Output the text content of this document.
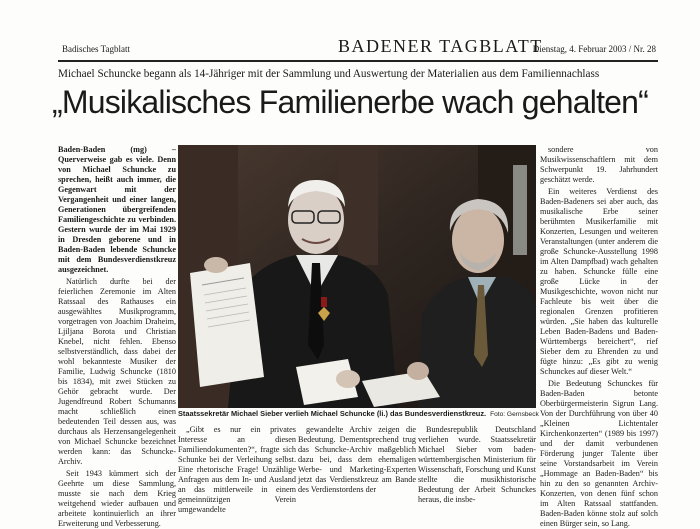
Badisches Tagblatt	BADENER TAGBLATT
Dienstag, 4. Februar 2003 / Nr. 28
Michael Schuncke begann als 14-Jähriger mit der Sammlung und Auswertung der Materialien aus dem Familiennachlass
„Musikalisches Familienerbe wach gehalten“

Baden-Baden (mg) – Querverweise gab es viele. Denn von Michael Schuncke zu sprechen, heißt auch immer, die Gegenwart mit der Vergangenheit und einer langen, Generationen übergreifenden Familiengeschichte zu verbinden. Gestern wurde der im Mai 1929 in Dresden geborene und in Baden-Baden lebende Schuncke mit dem Bundesverdienstkreuz ausgezeichnet.

Natürlich durfte bei der feierlichen Zeremonie im Alten Ratssaal des Rathauses ein ausgewähltes Musikprogramm, vorgetragen von Joachim Draheim, Ljiljana Borota und Christian Knebel, nicht fehlen. Ebenso selbstverständlich, dass dabei der wohl bekannteste Musiker der Familie, Ludwig Schuncke (1810 bis 1834), mit zwei Stücken zu Gehör gebracht wurde. Der Jugendfreund Robert Schumanns macht schließlich einen bedeutenden Teil dessen aus, was durchaus als Herzensangelegenheit von Michael Schuncke bezeichnet werden kann: das Schuncke-Archiv.

Seit 1943 kümmert sich der Geehrte um diese Sammlung, musste sie nach dem Krieg weitgehend wieder aufbauen und arbeitete kontinuierlich an ihrer Erweiterung und Verbesserung.

Staatssekretär Michael Sieber verlieh Michael Schuncke (li.) das Bundesverdienstkreuz. Foto: Gernsbeck

„Gibt es nur ein privates Interesse an diesen Familiendokumenten?“, fragte sich Schunke bei der Verleihung selbst. Eine rhetorische Frage! Unzählige Anfragen aus dem In- und Ausland an das mittlerweile in einem gemeinnützigen Verein umgewandelte

gewandelte Archiv zeigen die Bedeutung. Dementsprechend trug das Schuncke-Archiv maßgeblich dazu bei, dass dem ehemaligen Werbe- und Marketing-Experten jetzt das Verdienstkreuz am Bande des Verdienstordens der

Bundesrepublik Deutschland verliehen wurde. Staatssekretär Michael Sieber vom baden-württembergischen Ministerium für Wissenschaft, Forschung und Kunst stellte die musikhistorische Bedeutung der Arbeit Schunckes heraus, die insbe-

sondere von Musikwissenschaftlern mit dem Schwerpunkt 19. Jahrhundert geschätzt werde.

Ein weiteres Verdienst des Baden-Badeners sei aber auch, das musikalische Erbe seiner berühmten Musikerfamilie mit Konzerten, Lesungen und weiteren Veranstaltungen (unter anderem die große Schuncke-Ausstellung 1998 im Alten Dampfbad) wach gehalten zu haben. Schuncke fülle eine große Lücke in der Musikgeschichte, wovon nicht nur Fachleute bis weit über die regionalen Grenzen profitieren würden. „Sie haben das kulturelle Leben Baden-Badens und Baden-Württembergs bereichert“, rief Sieber dem zu Ehrenden zu und fügte hinzu: „Es gibt zu wenig Schunckes auf dieser Welt.“

Die Bedeutung Schunckes für Baden-Baden betonte Oberbürgermeisterin Sigrun Lang. Von der Durchführung von über 40 „Kleinen Lichtentaler Kirchenkonzerten“ (1989 bis 1997) und der damit verbundenen Förderung junger Talente über seine Vorstandsarbeit im Verein „Hommage an Baden-Baden“ bis hin zu den so genannten Archiv-Konzerten, von denen fünf schon im Alten Ratssaal stattfanden. Baden-Baden könne stolz auf solch einen Bürger sein, so Lang.
